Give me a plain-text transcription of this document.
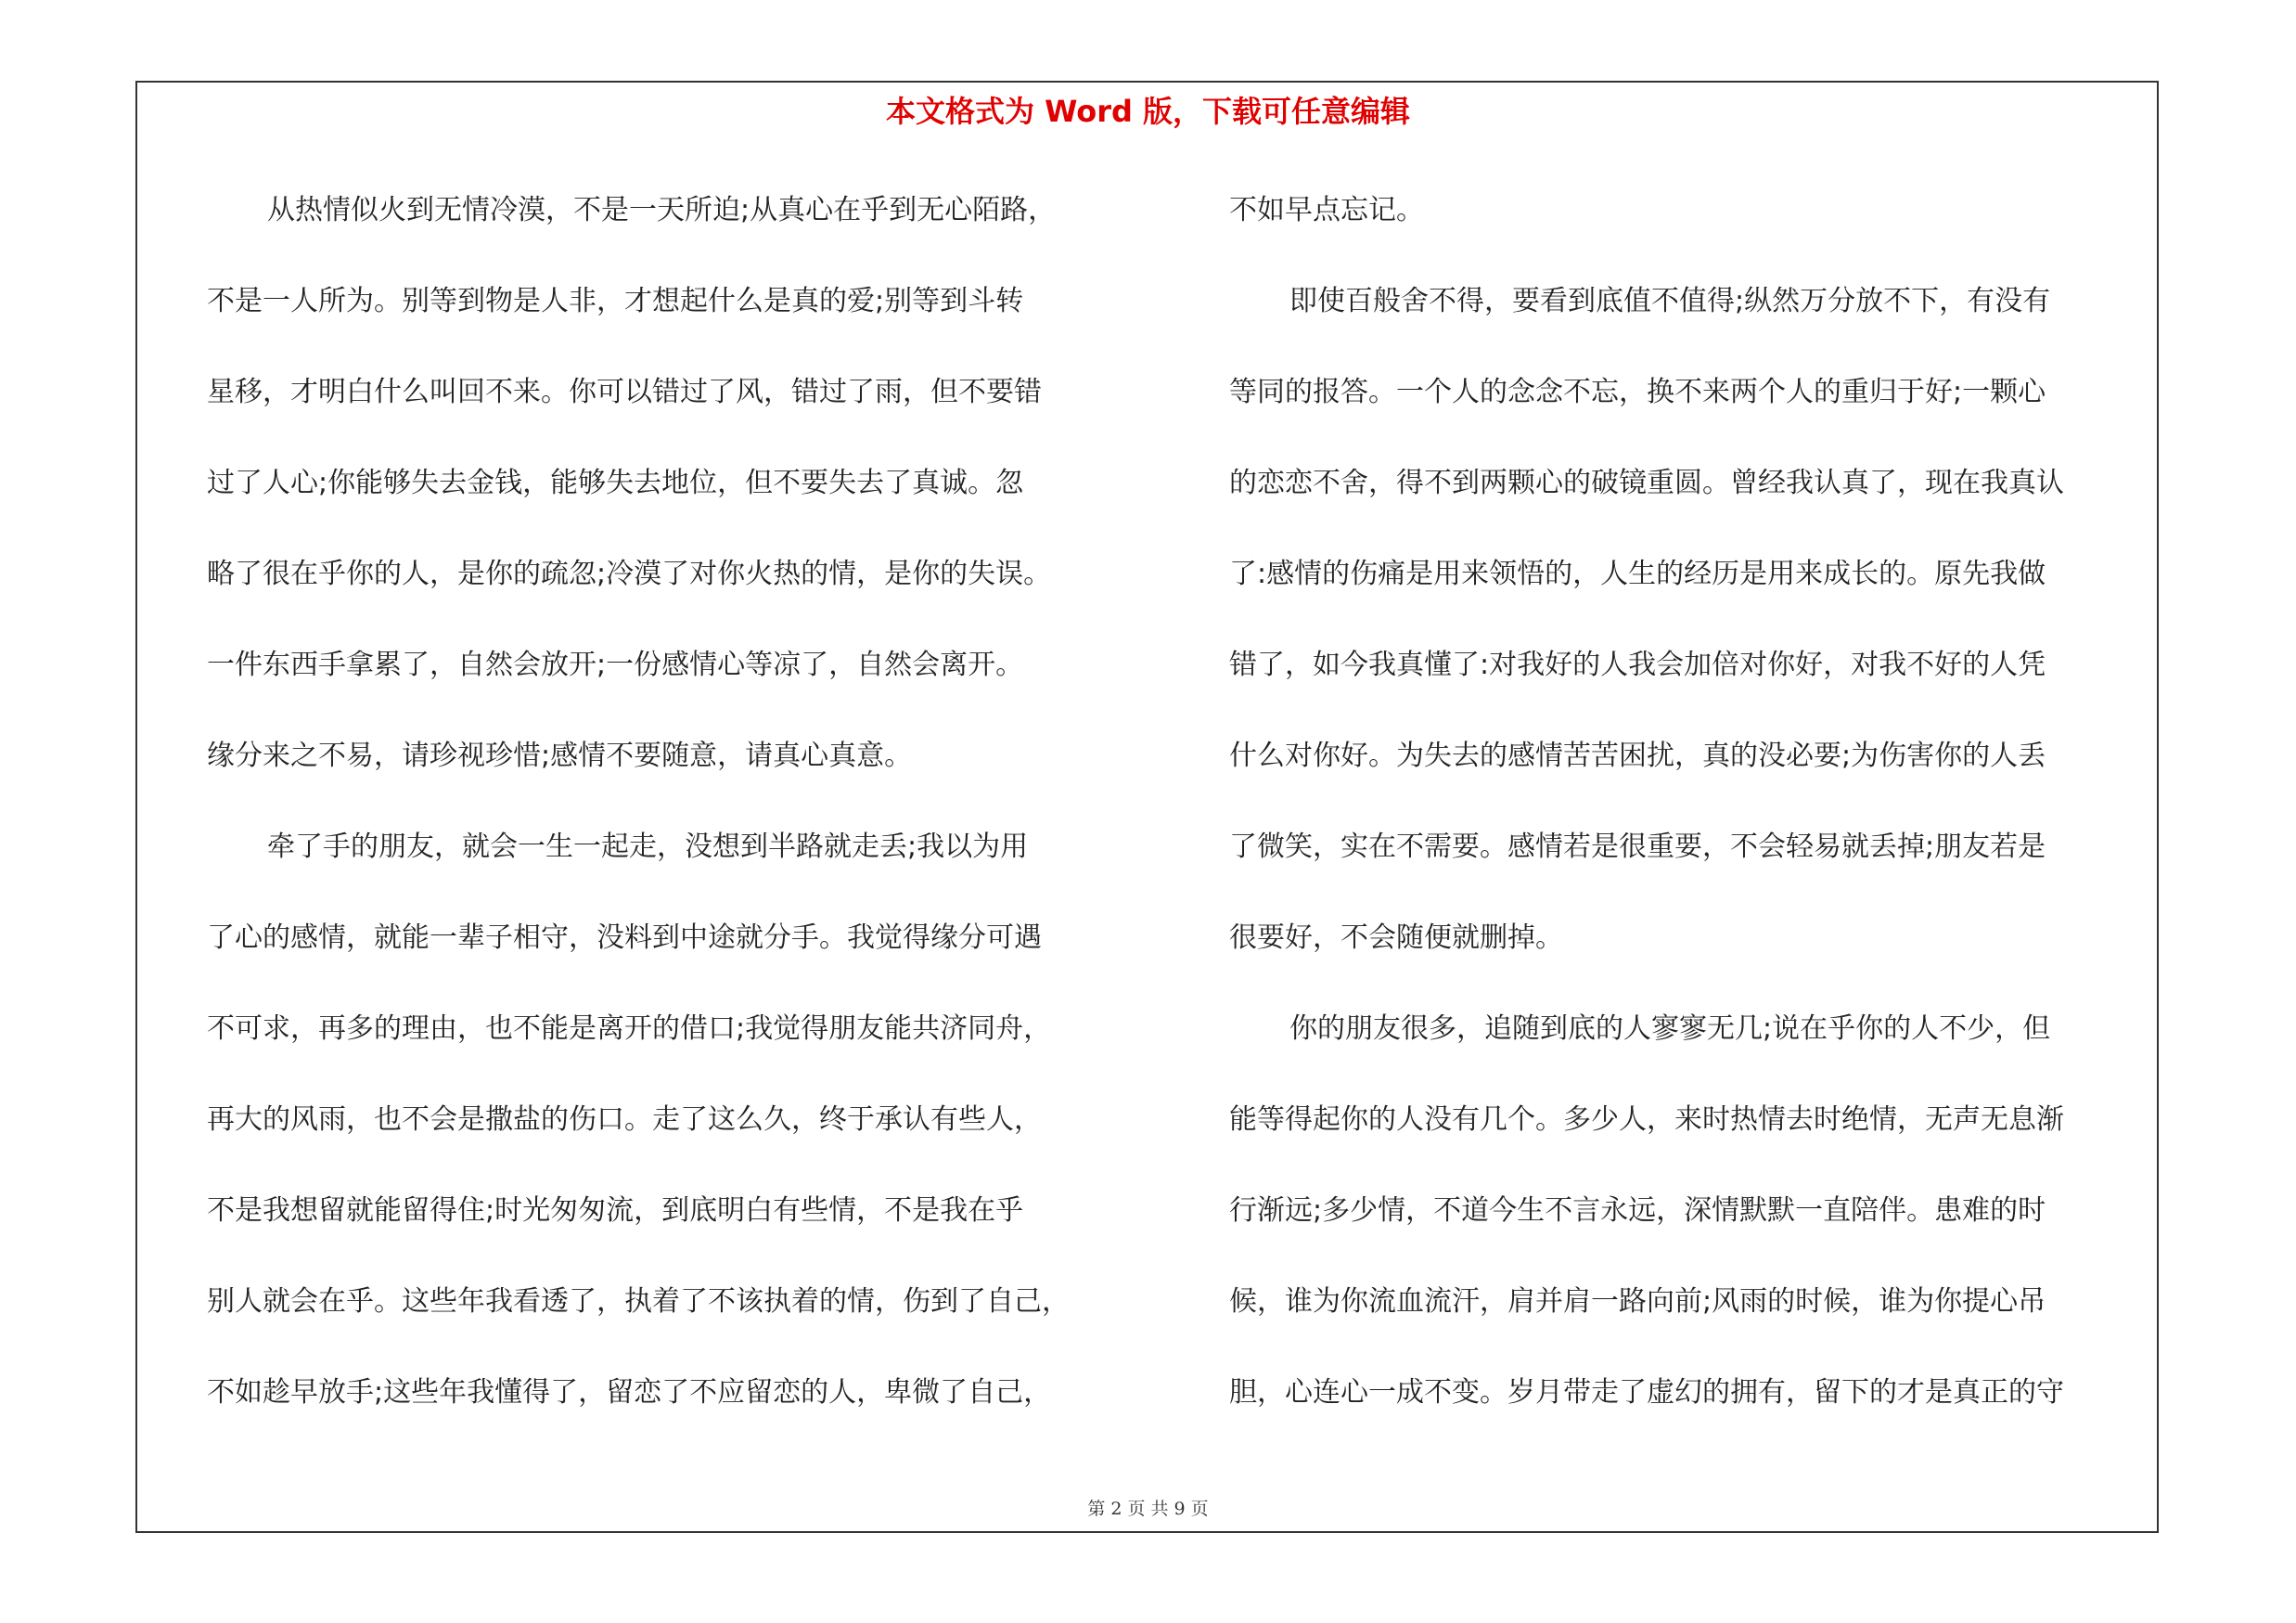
本文格式为 Word 版，下载可任意编辑
从热情似火到无情冷漠，不是一天所迫;从真心在乎到无心陌路，
不是一人所为。别等到物是人非，才想起什么是真的爱;别等到斗转
星移，才明白什么叫回不来。你可以错过了风，错过了雨，但不要错
过了人心;你能够失去金钱，能够失去地位，但不要失去了真诚。忽
略了很在乎你的人，是你的疏忽;冷漠了对你火热的情，是你的失误。
一件东西手拿累了，自然会放开;一份感情心等凉了，自然会离开。
缘分来之不易，请珍视珍惜;感情不要随意，请真心真意。
牵了手的朋友，就会一生一起走，没想到半路就走丢;我以为用
了心的感情，就能一辈子相守，没料到中途就分手。我觉得缘分可遇
不可求，再多的理由，也不能是离开的借口;我觉得朋友能共济同舟，
再大的风雨，也不会是撒盐的伤口。走了这么久，终于承认有些人，
不是我想留就能留得住;时光匆匆流，到底明白有些情，不是我在乎
别人就会在乎。这些年我看透了，执着了不该执着的情，伤到了自己，
不如趁早放手;这些年我懂得了，留恋了不应留恋的人，卑微了自己，
不如早点忘记。
即使百般舍不得，要看到底值不值得;纵然万分放不下，有没有
等同的报答。一个人的念念不忘，换不来两个人的重归于好;一颗心
的恋恋不舍，得不到两颗心的破镜重圆。曾经我认真了，现在我真认
了:感情的伤痛是用来领悟的，人生的经历是用来成长的。原先我做
错了，如今我真懂了:对我好的人我会加倍对你好，对我不好的人凭
什么对你好。为失去的感情苦苦困扰，真的没必要;为伤害你的人丢
了微笑，实在不需要。感情若是很重要，不会轻易就丢掉;朋友若是
很要好，不会随便就删掉。
你的朋友很多，追随到底的人寥寥无几;说在乎你的人不少，但
能等得起你的人没有几个。多少人，来时热情去时绝情，无声无息渐
行渐远;多少情，不道今生不言永远，深情默默一直陪伴。患难的时
候，谁为你流血流汗，肩并肩一路向前;风雨的时候，谁为你提心吊
胆，心连心一成不变。岁月带走了虚幻的拥有，留下的才是真正的守
第 2 页 共 9 页
